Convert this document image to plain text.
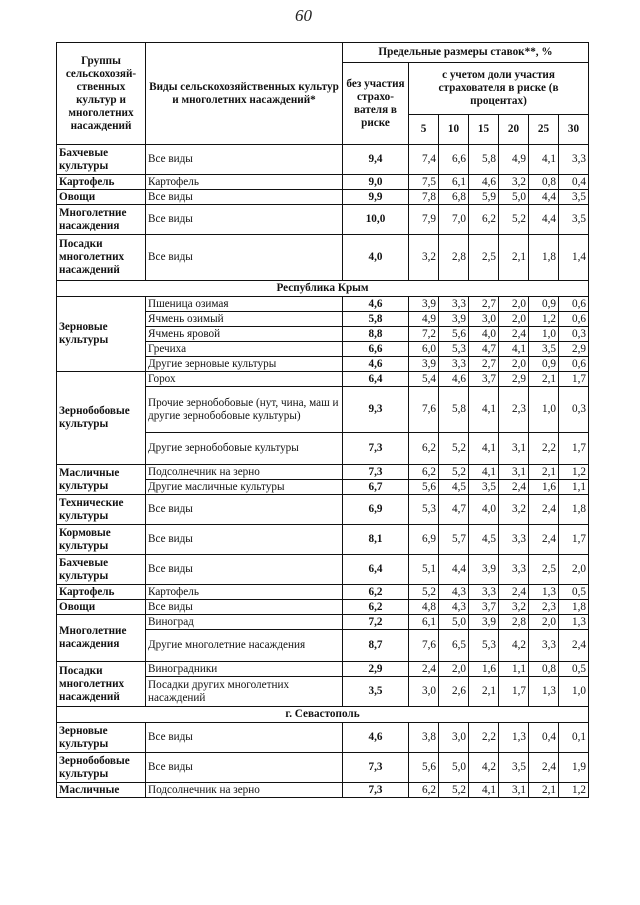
60
Группы сельскохозяй-ственных культур и многолетних насаждений	Виды сельскохозяйственных культур и многолетних насаждений*	Предельные размеры ставок**, %						
		без участия страхо-вателя в риске	с учетом доли участия страхователя в риске (в процентах)					
			5	10	15	20	25	30
Бахчевые культуры	Все виды	9,4	7,4	6,6	5,8	4,9	4,1	3,3
Картофель	Картофель	9,0	7,5	6,1	4,6	3,2	0,8	0,4
Овощи	Все виды	9,9	7,8	6,8	5,9	5,0	4,4	3,5
Многолетние насаждения	Все виды	10,0	7,9	7,0	6,2	5,2	4,4	3,5
Посадки многолетних насаждений	Все виды	4,0	3,2	2,8	2,5	2,1	1,8	1,4
Республика Крым								
Зерновые культуры	Пшеница озимая	4,6	3,9	3,3	2,7	2,0	0,9	0,6
	Ячмень озимый	5,8	4,9	3,9	3,0	2,0	1,2	0,6
	Ячмень яровой	8,8	7,2	5,6	4,0	2,4	1,0	0,3
	Гречиха	6,6	6,0	5,3	4,7	4,1	3,5	2,9
	Другие зерновые культуры	4,6	3,9	3,3	2,7	2,0	0,9	0,6
Зернобобовые культуры	Горох	6,4	5,4	4,6	3,7	2,9	2,1	1,7
	Прочие зернобобовые (нут, чина, маш и другие зернобобовые культуры)	9,3	7,6	5,8	4,1	2,3	1,0	0,3
	Другие зернобобовые культуры	7,3	6,2	5,2	4,1	3,1	2,2	1,7
Масличные культуры	Подсолнечник на зерно	7,3	6,2	5,2	4,1	3,1	2,1	1,2
	Другие масличные культуры	6,7	5,6	4,5	3,5	2,4	1,6	1,1
Технические культуры	Все виды	6,9	5,3	4,7	4,0	3,2	2,4	1,8
Кормовые культуры	Все виды	8,1	6,9	5,7	4,5	3,3	2,4	1,7
Бахчевые культуры	Все виды	6,4	5,1	4,4	3,9	3,3	2,5	2,0
Картофель	Картофель	6,2	5,2	4,3	3,3	2,4	1,3	0,5
Овощи	Все виды	6,2	4,8	4,3	3,7	3,2	2,3	1,8
Многолетние насаждения	Виноград	7,2	6,1	5,0	3,9	2,8	2,0	1,3
	Другие многолетние насаждения	8,7	7,6	6,5	5,3	4,2	3,3	2,4
Посадки многолетних насаждений	Виноградники	2,9	2,4	2,0	1,6	1,1	0,8	0,5
	Посадки других многолетних насаждений	3,5	3,0	2,6	2,1	1,7	1,3	1,0
г. Севастополь								
Зерновые культуры	Все виды	4,6	3,8	3,0	2,2	1,3	0,4	0,1
Зернобобовые культуры	Все виды	7,3	5,6	5,0	4,2	3,5	2,4	1,9
Масличные	Подсолнечник на зерно	7,3	6,2	5,2	4,1	3,1	2,1	1,2
